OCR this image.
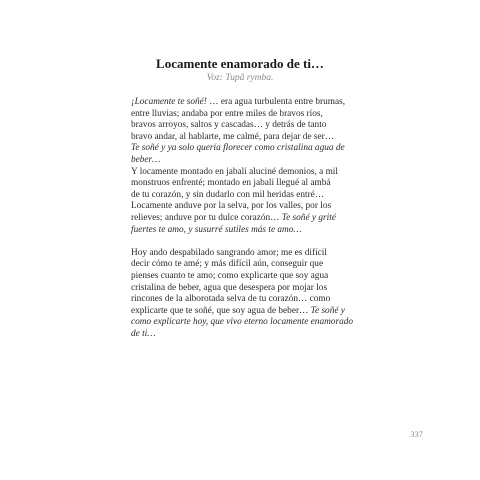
Locamente enamorado de ti…
Voz: Tupã rymba.

¡Locamente te soñé! … era agua turbulenta entre brumas,

entre lluvias; andaba por entre miles de bravos ríos,

bravos arroyos, saltos y cascadas… y detrás de tanto

bravo andar, al hablarte, me calmé, para dejar de ser…

Te soñé y ya solo quería florecer como cristalina agua de

beber…

Y locamente montado en jabalí aluciné demonios, a mil

monstruos enfrenté; montado en jabalí llegué al ambá

de tu corazón, y sin dudarlo con mil heridas entré…

Locamente anduve por la selva, por los valles, por los

relieves; anduve por tu dulce corazón… Te soñé y grité

fuertes te amo, y susurré sutiles más te amo…

Hoy ando despabilado sangrando amor; me es difícil

decir cómo te amé; y más difícil aún, conseguir que

pienses cuanto te amo; como explicarte que soy agua

cristalina de beber, agua que desespera por mojar los

rincones de la alborotada selva de tu corazón… como

explicarte que te soñé, que soy agua de beber… Te soñé y

como explicarte hoy, que vivo eterno locamente enamorado

de ti…

337
